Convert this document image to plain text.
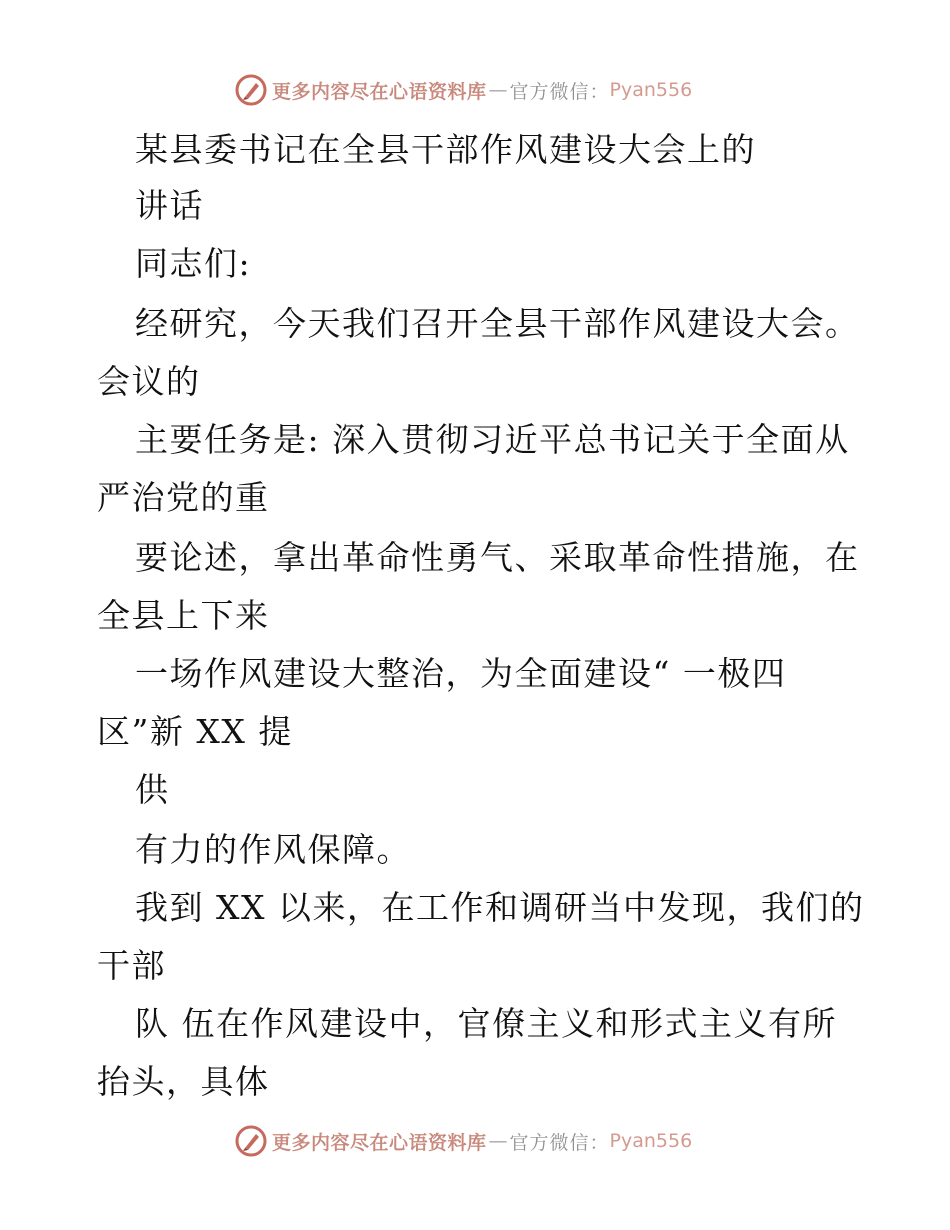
更多内容尽在心语资料库 — 官方微信： Pyan556
某县委书记在全县干部作风建设大会上的
讲话
同志们:
经研究，今天我们召开全县干部作风建设大会。
会议的
主要任务是: 深入贯彻习近平总书记关于全面从
严治党的重
要论述，拿出革命性勇气、采取革命性措施，在
全县上下来
一场作风建设大整治，为全面建设“ 一极四
区”新 XX 提
供
有力的作风保障。
我到 XX 以来，在工作和调研当中发现，我们的
干部
队 伍在作风建设中，官僚主义和形式主义有所
抬头，具体
更多内容尽在心语资料库 — 官方微信： Pyan556
